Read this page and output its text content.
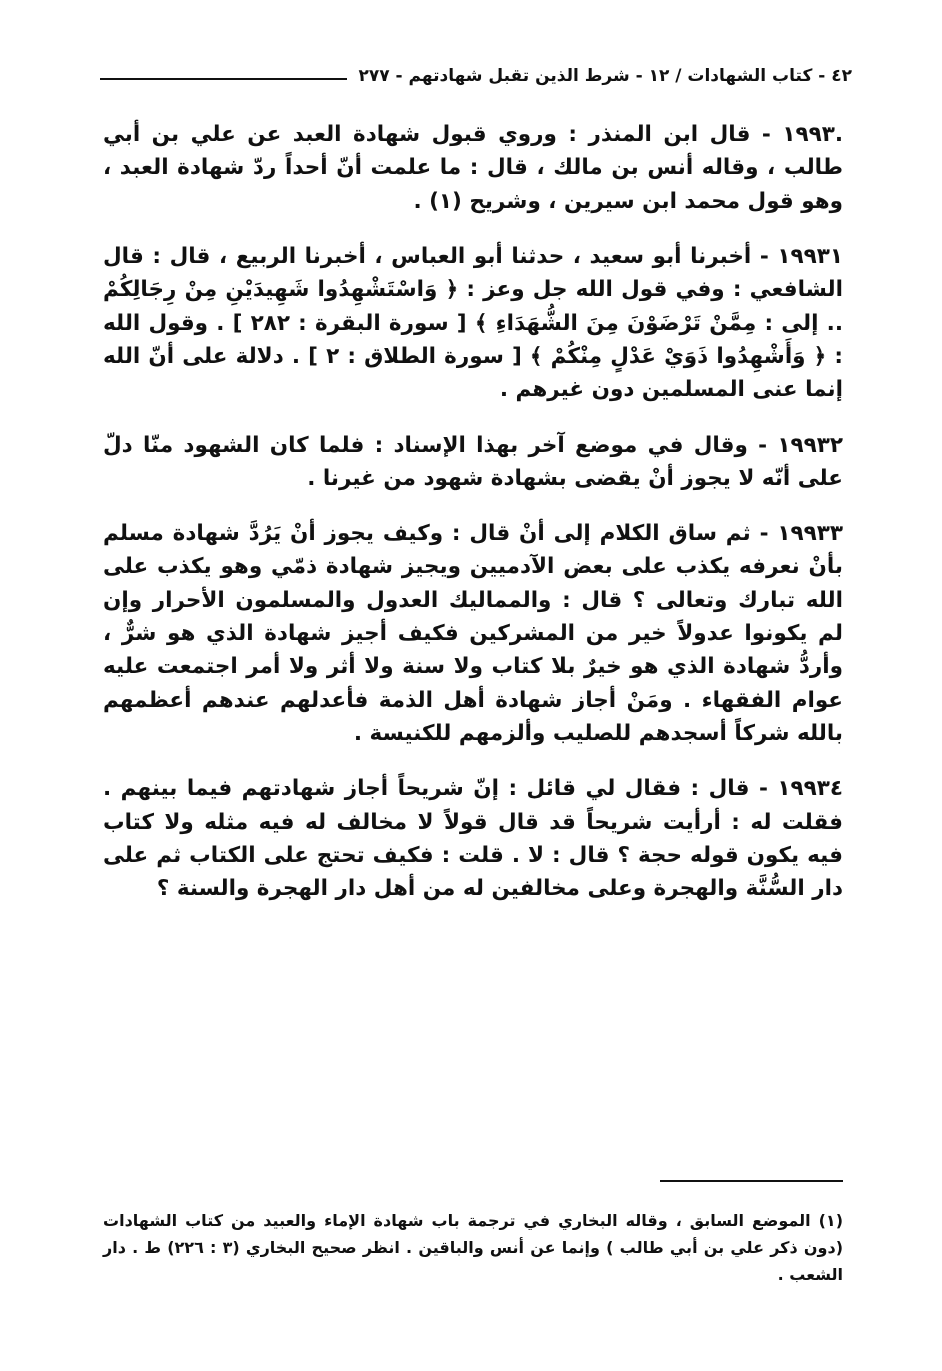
٤٢ - كتاب الشهادات / ١٢ - شرط الذين تقبل شهادتهم - ٢٧٧

.١٩٩٣ - قال ابن المنذر : وروي قبول شهادة العبد عن علي بن أبي طالب ، وقاله أنس بن مالك ، قال : ما علمت أنّ أحداً ردّ شهادة العبد ، وهو قول محمد ابن سيرين ، وشريح (١) .

١٩٩٣١ - أخبرنا أبو سعيد ، حدثنا أبو العباس ، أخبرنا الربيع ، قال : قال الشافعي : وفي قول الله جل وعز : ﴿ وَاسْتَشْهِدُوا شَهِيدَيْنِ مِنْ رِجَالِكُمْ .. إلى : مِمَّنْ تَرْضَوْنَ مِنَ الشُّهَدَاءِ ﴾ [ سورة البقرة : ٢٨٢ ] . وقول الله : ﴿ وَأَشْهِدُوا ذَوَيْ عَدْلٍ مِنْكُمْ ﴾ [ سورة الطلاق : ٢ ] . دلالة على أنّ الله إنما عنى المسلمين دون غيرهم .

١٩٩٣٢ - وقال في موضع آخر بهذا الإسناد : فلما كان الشهود منّا دلّ على أنّه لا يجوز أنْ يقضى بشهادة شهود من غيرنا .

١٩٩٣٣ - ثم ساق الكلام إلى أنْ قال : وكيف يجوز أنْ يَرُدَّ شهادة مسلم بأنْ نعرفه يكذب على بعض الآدميين ويجيز شهادة ذمّي وهو يكذب على الله تبارك وتعالى ؟ قال : والمماليك العدول والمسلمون الأحرار وإن لم يكونوا عدولاً خير من المشركين فكيف أجيز شهادة الذي هو شرٌّ ، وأردُّ شهادة الذي هو خيرٌ بلا كتاب ولا سنة ولا أثر ولا أمر اجتمعت عليه عوام الفقهاء . ومَنْ أجاز شهادة أهل الذمة فأعدلهم عندهم أعظمهم بالله شركاً أسجدهم للصليب وألزمهم للكنيسة .

١٩٩٣٤ - قال : فقال لي قائل : إنّ شريحاً أجاز شهادتهم فيما بينهم . فقلت له : أرأيت شريحاً قد قال قولاً لا مخالف له فيه مثله ولا كتاب فيه يكون قوله حجة ؟ قال : لا . قلت : فكيف تحتج على الكتاب ثم على دار السُّنَّة والهجرة وعلى مخالفين له من أهل دار الهجرة والسنة ؟

(١) الموضع السابق ، وقاله البخاري في ترجمة باب شهادة الإماء والعبيد من كتاب الشهادات (دون ذكر علي بن أبي طالب ) وإنما عن أنس والباقين . انظر صحيح البخاري (٣ : ٢٢٦) ط . دار الشعب .
